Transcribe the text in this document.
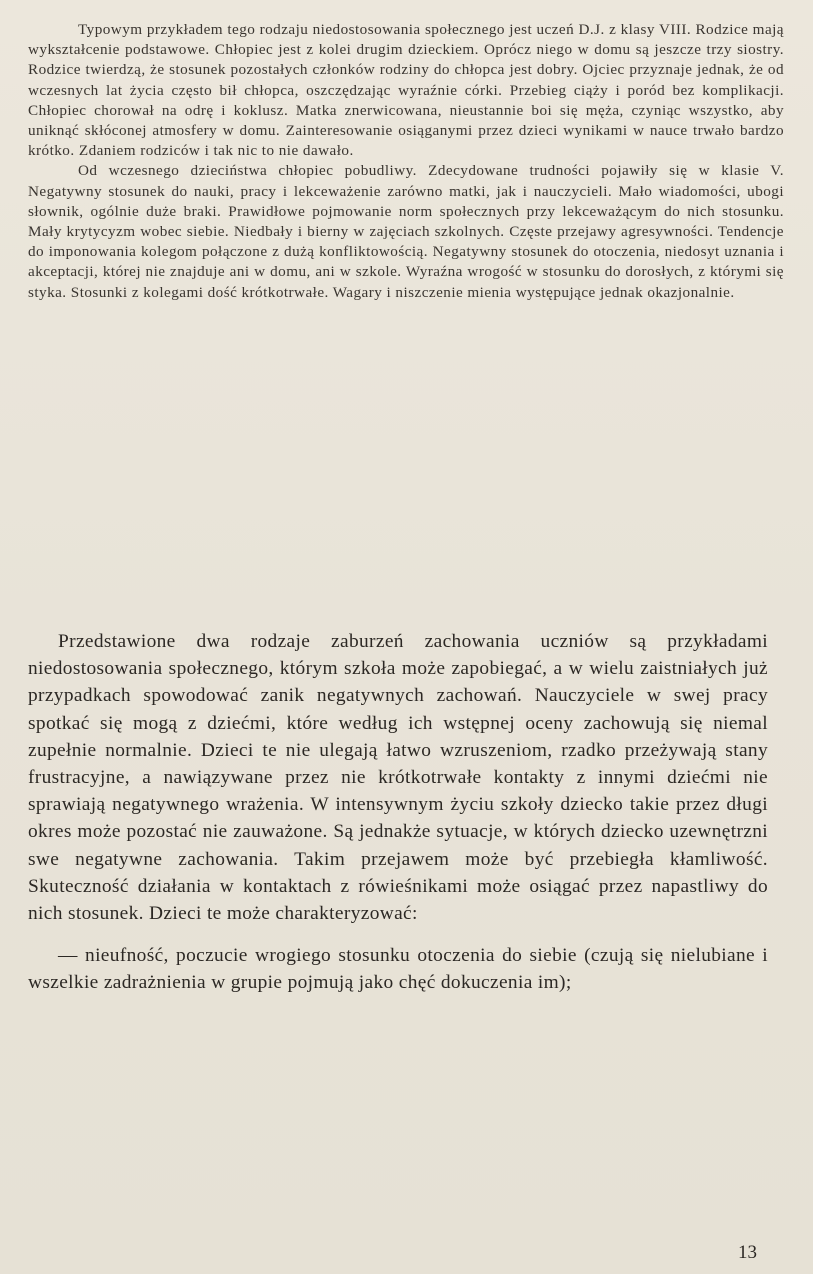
Typowym przykładem tego rodzaju niedostosowania społecznego jest uczeń D.J. z klasy VIII. Rodzice mają wykształcenie podstawowe. Chłopiec jest z kolei drugim dzieckiem. Oprócz niego w domu są jeszcze trzy siostry. Rodzice twierdzą, że stosunek pozostałych członków rodziny do chłopca jest dobry. Ojciec przyznaje jednak, że od wczesnych lat życia często bił chłopca, oszczędzając wyraźnie córki. Przebieg ciąży i poród bez komplikacji. Chłopiec chorował na odrę i koklusz. Matka znerwicowana, nieustannie boi się męża, czyniąc wszystko, aby uniknąć skłóconej atmosfery w domu. Zainteresowanie osiąganymi przez dzieci wynikami w nauce trwało bardzo krótko. Zdaniem rodziców i tak nic to nie dawało.

Od wczesnego dzieciństwa chłopiec pobudliwy. Zdecydowane trudności pojawiły się w klasie V. Negatywny stosunek do nauki, pracy i lekceważenie zarówno matki, jak i nauczycieli. Mało wiadomości, ubogi słownik, ogólnie duże braki. Prawidłowe pojmowanie norm społecznych przy lekceważącym do nich stosunku. Mały krytycyzm wobec siebie. Niedbały i bierny w zajęciach szkolnych. Częste przejawy agresywności. Tendencje do imponowania kolegom połączone z dużą konfliktowością. Negatywny stosunek do otoczenia, niedosyt uznania i akceptacji, której nie znajduje ani w domu, ani w szkole. Wyraźna wrogość w stosunku do dorosłych, z którymi się styka. Stosunki z kolegami dość krótkotrwałe. Wagary i niszczenie mienia występujące jednak okazjonalnie.

Przedstawione dwa rodzaje zaburzeń zachowania uczniów są przykładami niedostosowania społecznego, którym szkoła może zapobiegać, a w wielu zaistniałych już przypadkach spowodować zanik negatywnych zachowań. Nauczyciele w swej pracy spotkać się mogą z dziećmi, które według ich wstępnej oceny zachowują się niemal zupełnie normalnie. Dzieci te nie ulegają łatwo wzruszeniom, rzadko przeżywają stany frustracyjne, a nawiązywane przez nie krótkotrwałe kontakty z innymi dziećmi nie sprawiają negatywnego wrażenia. W intensywnym życiu szkoły dziecko takie przez długi okres może pozostać nie zauważone. Są jednakże sytuacje, w których dziecko uzewnętrzni swe negatywne zachowania. Takim przejawem może być przebiegła kłamliwość. Skuteczność działania w kontaktach z rówieśnikami może osiągać przez napastliwy do nich stosunek. Dzieci te może charakteryzować:

— nieufność, poczucie wrogiego stosunku otoczenia do siebie (czują się nielubiane i wszelkie zadrażnienia w grupie pojmują jako chęć dokuczenia im);

13
